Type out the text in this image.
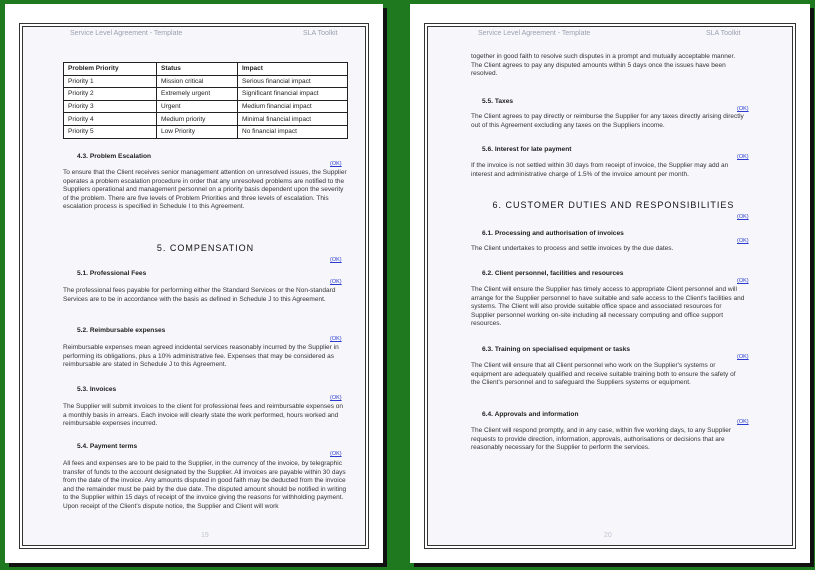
Service Level Agreement - Template	SLA Toolkit
Problem Priority	Status	Impact
Priority 1	Mission critical	Serious financial impact
Priority 2	Extremely urgent	Significant financial impact
Priority 3	Urgent	Medium financial impact
Priority 4	Medium priority	Minimal financial impact
Priority 5	Low Priority	No financial impact
4.3. Problem Escalation
(OK)

To ensure that the Client receives senior management attention on unresolved issues, the Supplier operates a problem escalation procedure in order that any unresolved problems are notified to the Suppliers operational and management personnel on a priority basis dependent upon the severity of the problem. There are five levels of Problem Priorities and three levels of escalation. This escalation process is specified in Schedule I to this Agreement.

5. COMPENSATION
(OK)
5.1. Professional Fees
(OK)

The professional fees payable for performing either the Standard Services or the Non-standard Services are to be in accordance with the basis as defined in Schedule J to this Agreement.

5.2. Reimbursable expenses
(OK)

Reimbursable expenses mean agreed incidental services reasonably incurred by the Supplier in performing its obligations, plus a 10% administrative fee. Expenses that may be considered as reimbursable are stated in Schedule J to this Agreement.

5.3. Invoices
(OK)

The Supplier will submit invoices to the client for professional fees and reimbursable expenses on a monthly basis in arrears. Each invoice will clearly state the work performed, hours worked and reimbursable expenses incurred.

5.4. Payment terms
(OK)

All fees and expenses are to be paid to the Supplier, in the currency of the invoice, by telegraphic transfer of funds to the account designated by the Supplier. All invoices are payable within 30 days from the date of the invoice. Any amounts disputed in good faith may be deducted from the invoice and the remainder must be paid by the due date. The disputed amount should be notified in writing to the Supplier within 15 days of receipt of the invoice giving the reasons for withholding payment. Upon receipt of the Client's dispute notice, the Supplier and Client will work

19
Service Level Agreement - Template	SLA Toolkit

together in good faith to resolve such disputes in a prompt and mutually acceptable manner. The Client agrees to pay any disputed amounts within 5 days once the issues have been resolved.

5.5. Taxes
(OK)

The Client agrees to pay directly or reimburse the Supplier for any taxes directly arising directly out of this Agreement excluding any taxes on the Suppliers income.

5.6. Interest for late payment
(OK)

If the invoice is not settled within 30 days from receipt of invoice, the Supplier may add an interest and administrative charge of 1.5% of the invoice amount per month.

6. CUSTOMER DUTIES AND RESPONSIBILITIES
(OK)
6.1. Processing and authorisation of invoices
(OK)

The Client undertakes to process and settle invoices by the due dates.

6.2. Client personnel, facilities and resources
(OK)

The Client will ensure the Supplier has timely access to appropriate Client personnel and will arrange for the Supplier personnel to have suitable and safe access to the Client's facilities and systems. The Client will also provide suitable office space and associated resources for Supplier personnel working on-site including all necessary computing and office support resources.

6.3. Training on specialised equipment or tasks
(OK)

The Client will ensure that all Client personnel who work on the Supplier's systems or equipment are adequately qualified and receive suitable training both to ensure the safety of the Client's personnel and to safeguard the Suppliers systems or equipment.

6.4. Approvals and information
(OK)

The Client will respond promptly, and in any case, within five working days, to any Supplier requests to provide direction, information, approvals, authorisations or decisions that are reasonably necessary for the Supplier to perform the services.

20
